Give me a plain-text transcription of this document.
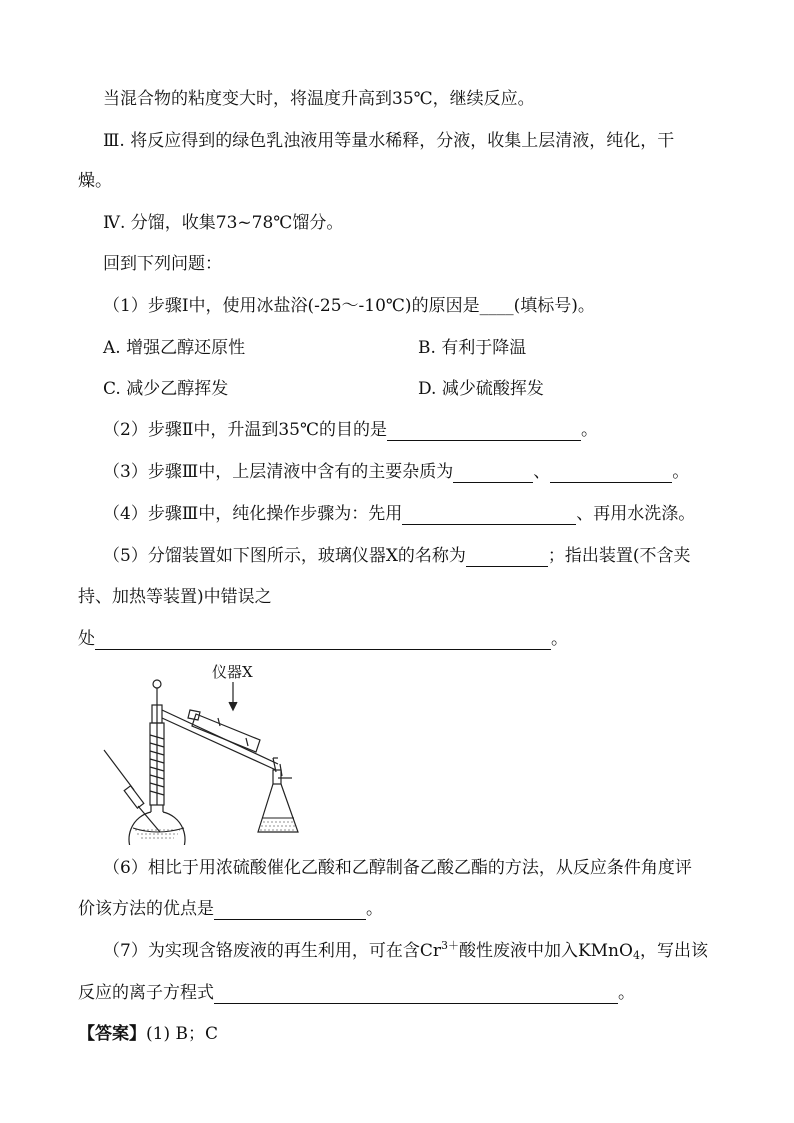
当混合物的粘度变大时，将温度升高到35℃，继续反应。
Ⅲ. 将反应得到的绿色乳浊液用等量水稀释，分液，收集上层清液，纯化，干
燥。
Ⅳ. 分馏，收集73~78℃馏分。
回到下列问题：
（1）步骤Ⅰ中，使用冰盐浴(-25～-10℃)的原因是____(填标号)。
A. 增强乙醇还原性	B. 有利于降温
C. 减少乙醇挥发	D. 减少硫酸挥发
（2）步骤Ⅱ中，升温到35℃的目的是	。
（3）步骤Ⅲ中，上层清液中含有的主要杂质为	、	。
（4）步骤Ⅲ中，纯化操作步骤为：先用	、再用水洗涤。
（5）分馏装置如下图所示，玻璃仪器X的名称为	；指出装置(不含夹
持、加热等装置)中错误之
处	。
仪器X
（6）相比于用浓硫酸催化乙酸和乙醇制备乙酸乙酯的方法，从反应条件角度评
价该方法的优点是	。
（7）为实现含铬废液的再生利用，可在含$Cr^{3+}$酸性废液中加入KMnO$_4$，写出该
反应的离子方程式	。
【答案】(1) B；C
